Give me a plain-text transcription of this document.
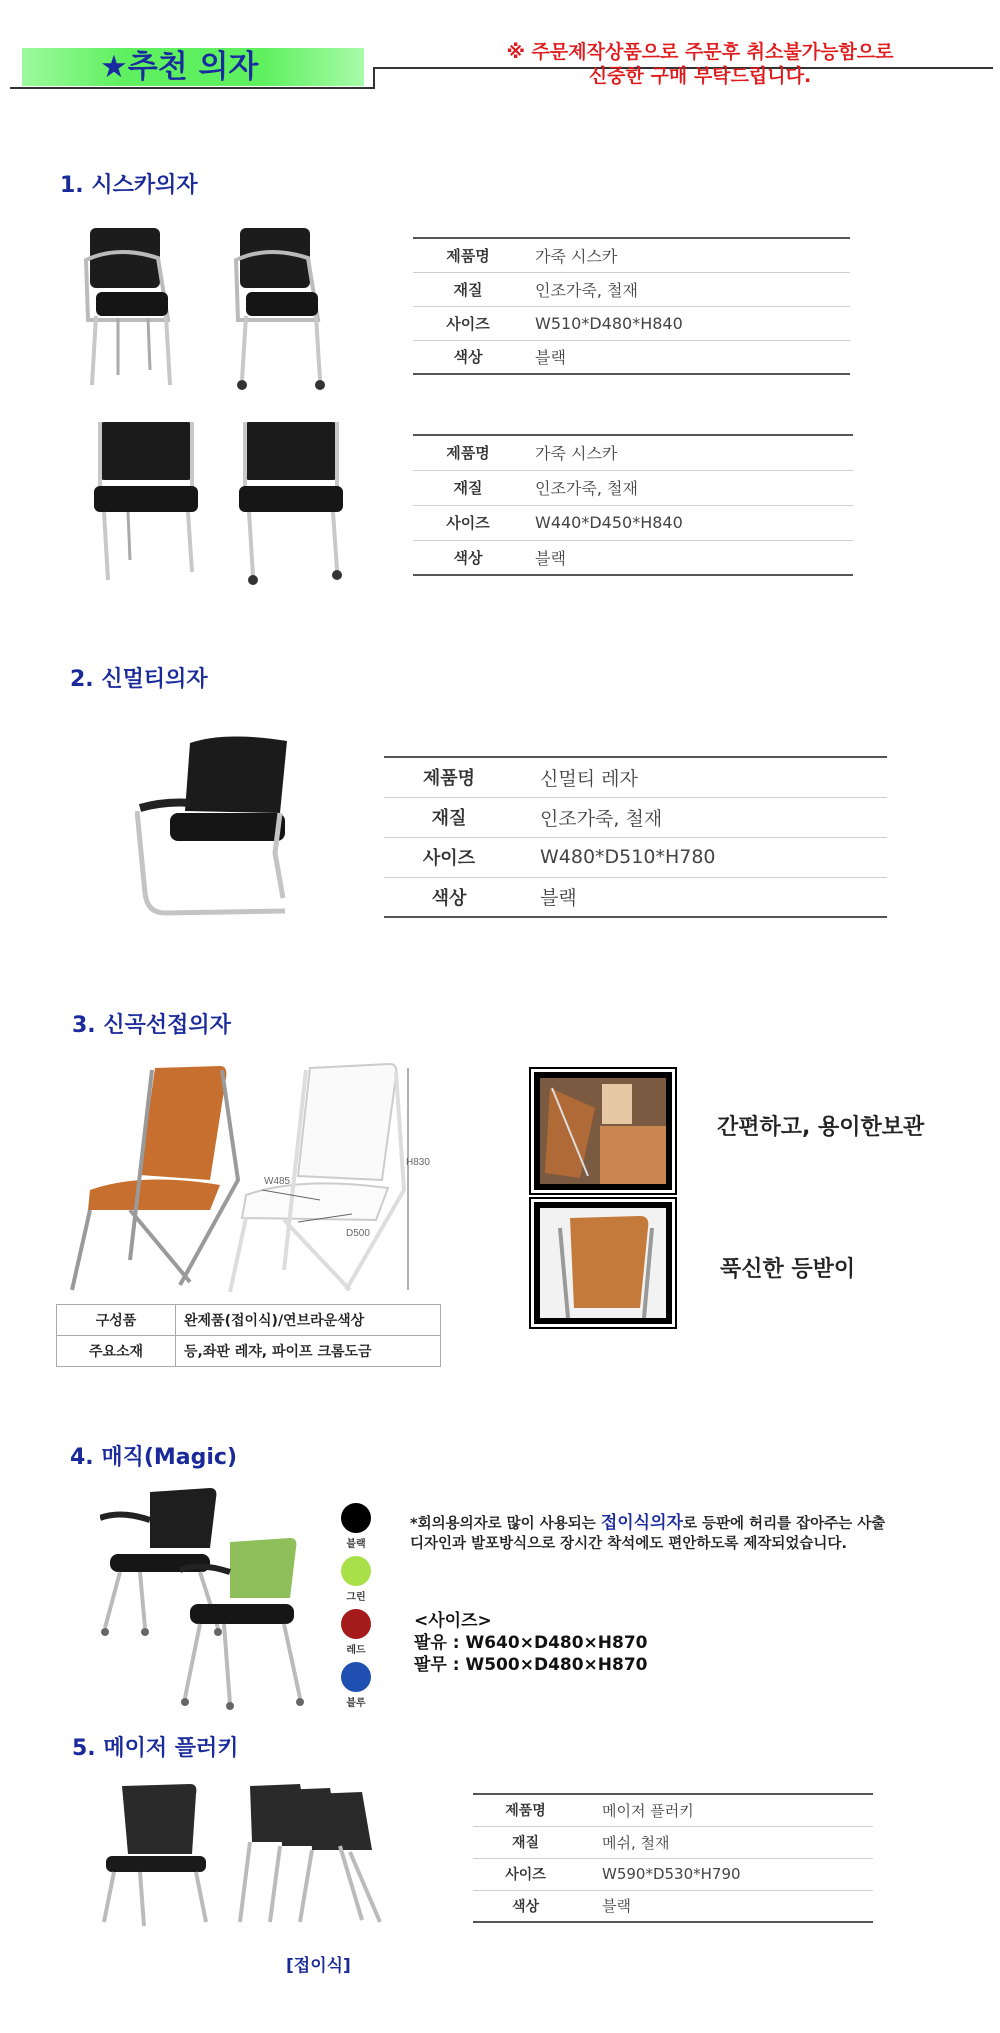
★추천 의자	※ 주문제작상품으로 주문후 취소불가능함으로
신중한 구매 부탁드립니다.
1. 시스카의자
제품명	가죽 시스카
재질	인조가죽, 철재
사이즈	W510*D480*H840
색상	블랙
제품명	가죽 시스카
재질	인조가죽, 철재
사이즈	W440*D450*H840
색상	블랙
2. 신멀티의자
제품명	신멀티 레자
재질	인조가죽, 철재
사이즈	W480*D510*H780
색상	블랙
3. 신곡선접의자
W485
D500
H830
구성품	완제품(접이식)/연브라운색상
주요소재	등,좌판 레쟈, 파이프 크롬도금
간편하고, 용이한보관
푹신한 등받이
4. 매직(Magic)
블랙
그린
레드
블루
*회의용의자로 많이 사용되는 접이식의자로 등판에 허리를 잡아주는 사출
디자인과 발포방식으로 장시간 착석에도 편안하도록 제작되었습니다.
<사이즈>
팔유 : W640×D480×H870
팔무 : W500×D480×H870
5. 메이저 플러키
[접이식]
제품명	메이저 플러키
재질	메쉬, 철재
사이즈	W590*D530*H790
색상	블랙
